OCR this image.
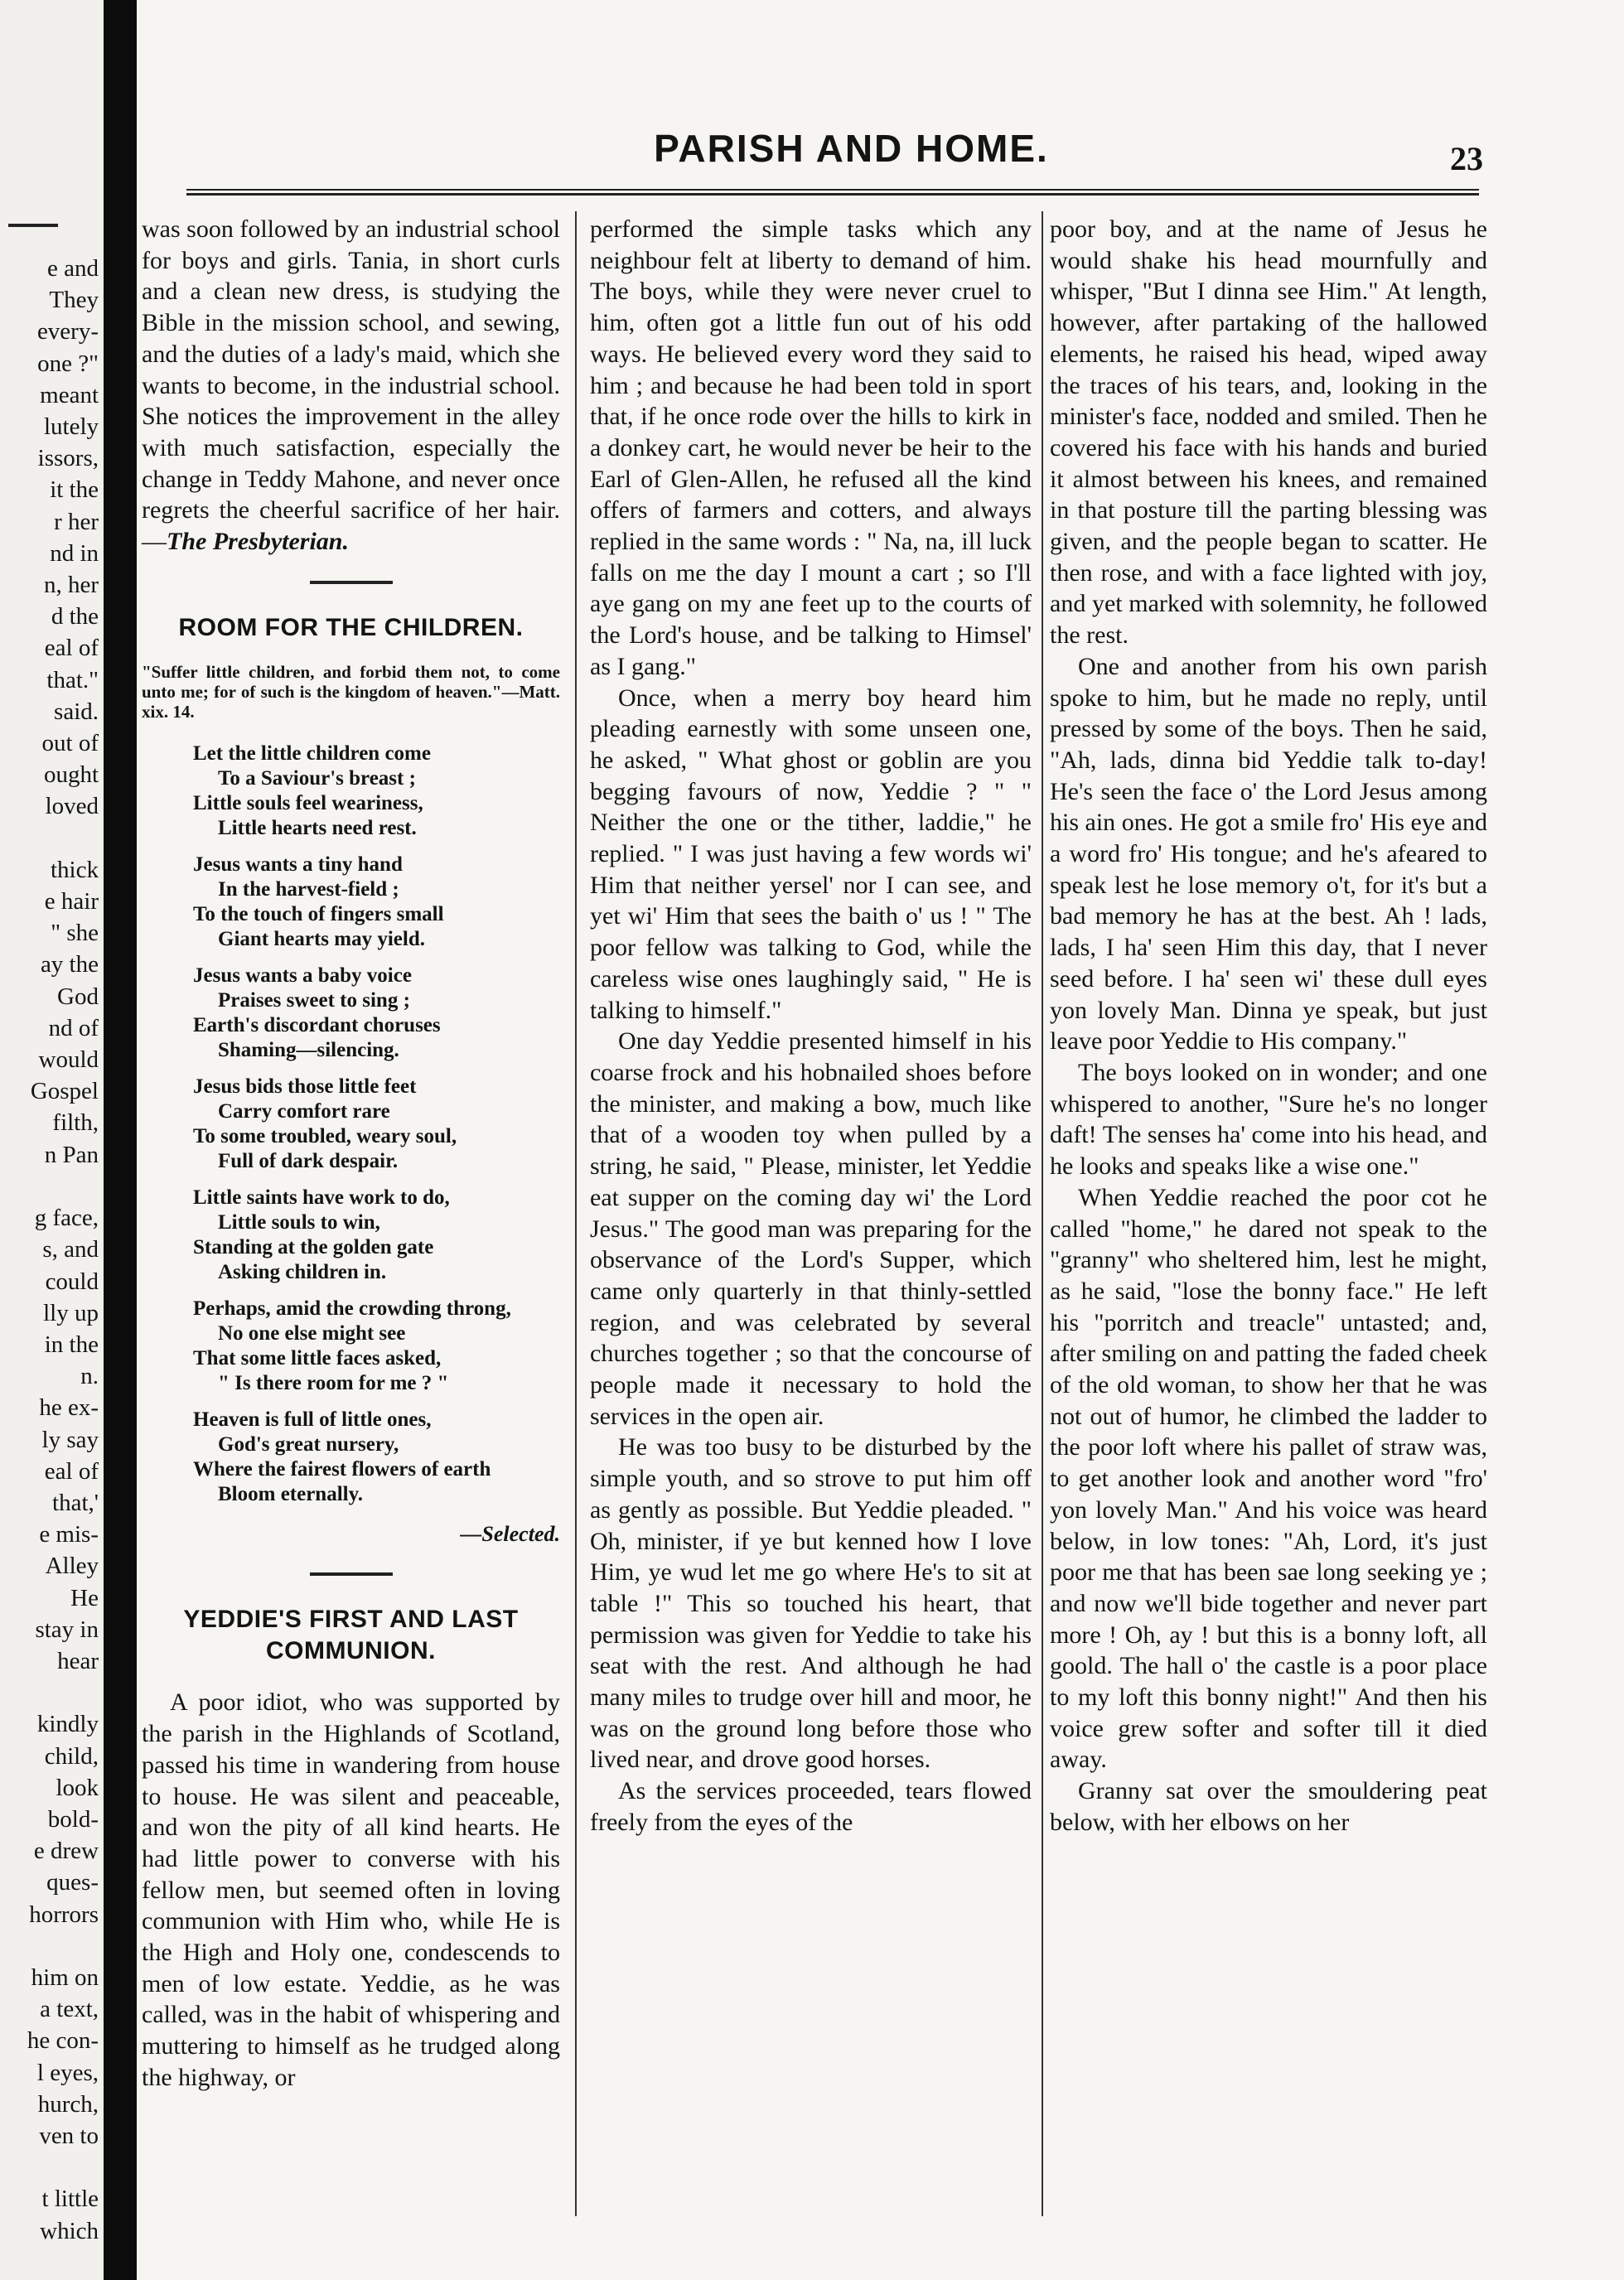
e and
They
every-
one ?"
meant
lutely
issors,
it the
r her
nd in
n, her
d the
eal of
that."
said.
out of
ought
loved

thick
e hair
" she
ay the
God
nd of
would
Gospel
filth,
n Pan

g face,
s, and
could
lly up
in the
n.
he ex-
ly say
eal of
that,'
e mis-
Alley
He
stay in
hear

kindly
child,
look
bold-
e drew
ques-
horrors

him on
a text,
he con-
l eyes,
hurch,
ven to

t little
which
PARISH AND HOME.	23

was soon followed by an industrial school for boys and girls. Tania, in short curls and a clean new dress, is studying the Bible in the mission school, and sewing, and the duties of a lady's maid, which she wants to become, in the industrial school. She notices the improvement in the alley with much satisfaction, especially the change in Teddy Mahone, and never once regrets the cheerful sacrifice of her hair.—The Presbyterian.

ROOM FOR THE CHILDREN.
"Suffer little children, and forbid them not, to come unto me; for of such is the kingdom of heaven."—Matt. xix. 14.
Let the little children come
To a Saviour's breast ;
Little souls feel weariness,
Little hearts need rest.
Jesus wants a tiny hand
In the harvest-field ;
To the touch of fingers small
Giant hearts may yield.
Jesus wants a baby voice
Praises sweet to sing ;
Earth's discordant choruses
Shaming—silencing.
Jesus bids those little feet
Carry comfort rare
To some troubled, weary soul,
Full of dark despair.
Little saints have work to do,
Little souls to win,
Standing at the golden gate
Asking children in.
Perhaps, amid the crowding throng,
No one else might see
That some little faces asked,
" Is there room for me ? "
Heaven is full of little ones,
God's great nursery,
Where the fairest flowers of earth
Bloom eternally.
—Selected.
YEDDIE'S FIRST AND LAST
COMMUNION.

A poor idiot, who was supported by the parish in the Highlands of Scotland, passed his time in wandering from house to house. He was silent and peaceable, and won the pity of all kind hearts. He had little power to converse with his fellow men, but seemed often in loving communion with Him who, while He is the High and Holy one, condescends to men of low estate. Yeddie, as he was called, was in the habit of whispering and muttering to himself as he trudged along the highway, or

performed the simple tasks which any neighbour felt at liberty to demand of him. The boys, while they were never cruel to him, often got a little fun out of his odd ways. He believed every word they said to him ; and because he had been told in sport that, if he once rode over the hills to kirk in a donkey cart, he would never be heir to the Earl of Glen-Allen, he refused all the kind offers of farmers and cotters, and always replied in the same words : " Na, na, ill luck falls on me the day I mount a cart ; so I'll aye gang on my ane feet up to the courts of the Lord's house, and be talking to Himsel' as I gang."

Once, when a merry boy heard him pleading earnestly with some unseen one, he asked, " What ghost or goblin are you begging favours of now, Yeddie ? " " Neither the one or the tither, laddie," he replied. " I was just having a few words wi' Him that neither yersel' nor I can see, and yet wi' Him that sees the baith o' us ! " The poor fellow was talking to God, while the careless wise ones laughingly said, " He is talking to himself."

One day Yeddie presented himself in his coarse frock and his hobnailed shoes before the minister, and making a bow, much like that of a wooden toy when pulled by a string, he said, " Please, minister, let Yeddie eat supper on the coming day wi' the Lord Jesus." The good man was preparing for the observance of the Lord's Supper, which came only quarterly in that thinly-settled region, and was celebrated by several churches together ; so that the concourse of people made it necessary to hold the services in the open air.

He was too busy to be disturbed by the simple youth, and so strove to put him off as gently as possible. But Yeddie pleaded. " Oh, minister, if ye but kenned how I love Him, ye wud let me go where He's to sit at table !" This so touched his heart, that permission was given for Yeddie to take his seat with the rest. And although he had many miles to trudge over hill and moor, he was on the ground long before those who lived near, and drove good horses.

As the services proceeded, tears flowed freely from the eyes of the

poor boy, and at the name of Jesus he would shake his head mournfully and whisper, "But I dinna see Him." At length, however, after partaking of the hallowed elements, he raised his head, wiped away the traces of his tears, and, looking in the minister's face, nodded and smiled. Then he covered his face with his hands and buried it almost between his knees, and remained in that posture till the parting blessing was given, and the people began to scatter. He then rose, and with a face lighted with joy, and yet marked with solemnity, he followed the rest.

One and another from his own parish spoke to him, but he made no reply, until pressed by some of the boys. Then he said, "Ah, lads, dinna bid Yeddie talk to-day! He's seen the face o' the Lord Jesus among his ain ones. He got a smile fro' His eye and a word fro' His tongue; and he's afeared to speak lest he lose memory o't, for it's but a bad memory he has at the best. Ah ! lads, lads, I ha' seen Him this day, that I never seed before. I ha' seen wi' these dull eyes yon lovely Man. Dinna ye speak, but just leave poor Yeddie to His company."

The boys looked on in wonder; and one whispered to another, "Sure he's no longer daft! The senses ha' come into his head, and he looks and speaks like a wise one."

When Yeddie reached the poor cot he called "home," he dared not speak to the "granny" who sheltered him, lest he might, as he said, "lose the bonny face." He left his "porritch and treacle" untasted; and, after smiling on and patting the faded cheek of the old woman, to show her that he was not out of humor, he climbed the ladder to the poor loft where his pallet of straw was, to get another look and another word "fro' yon lovely Man." And his voice was heard below, in low tones: "Ah, Lord, it's just poor me that has been sae long seeking ye ; and now we'll bide together and never part more ! Oh, ay ! but this is a bonny loft, all goold. The hall o' the castle is a poor place to my loft this bonny night!" And then his voice grew softer and softer till it died away.

Granny sat over the smouldering peat below, with her elbows on her
